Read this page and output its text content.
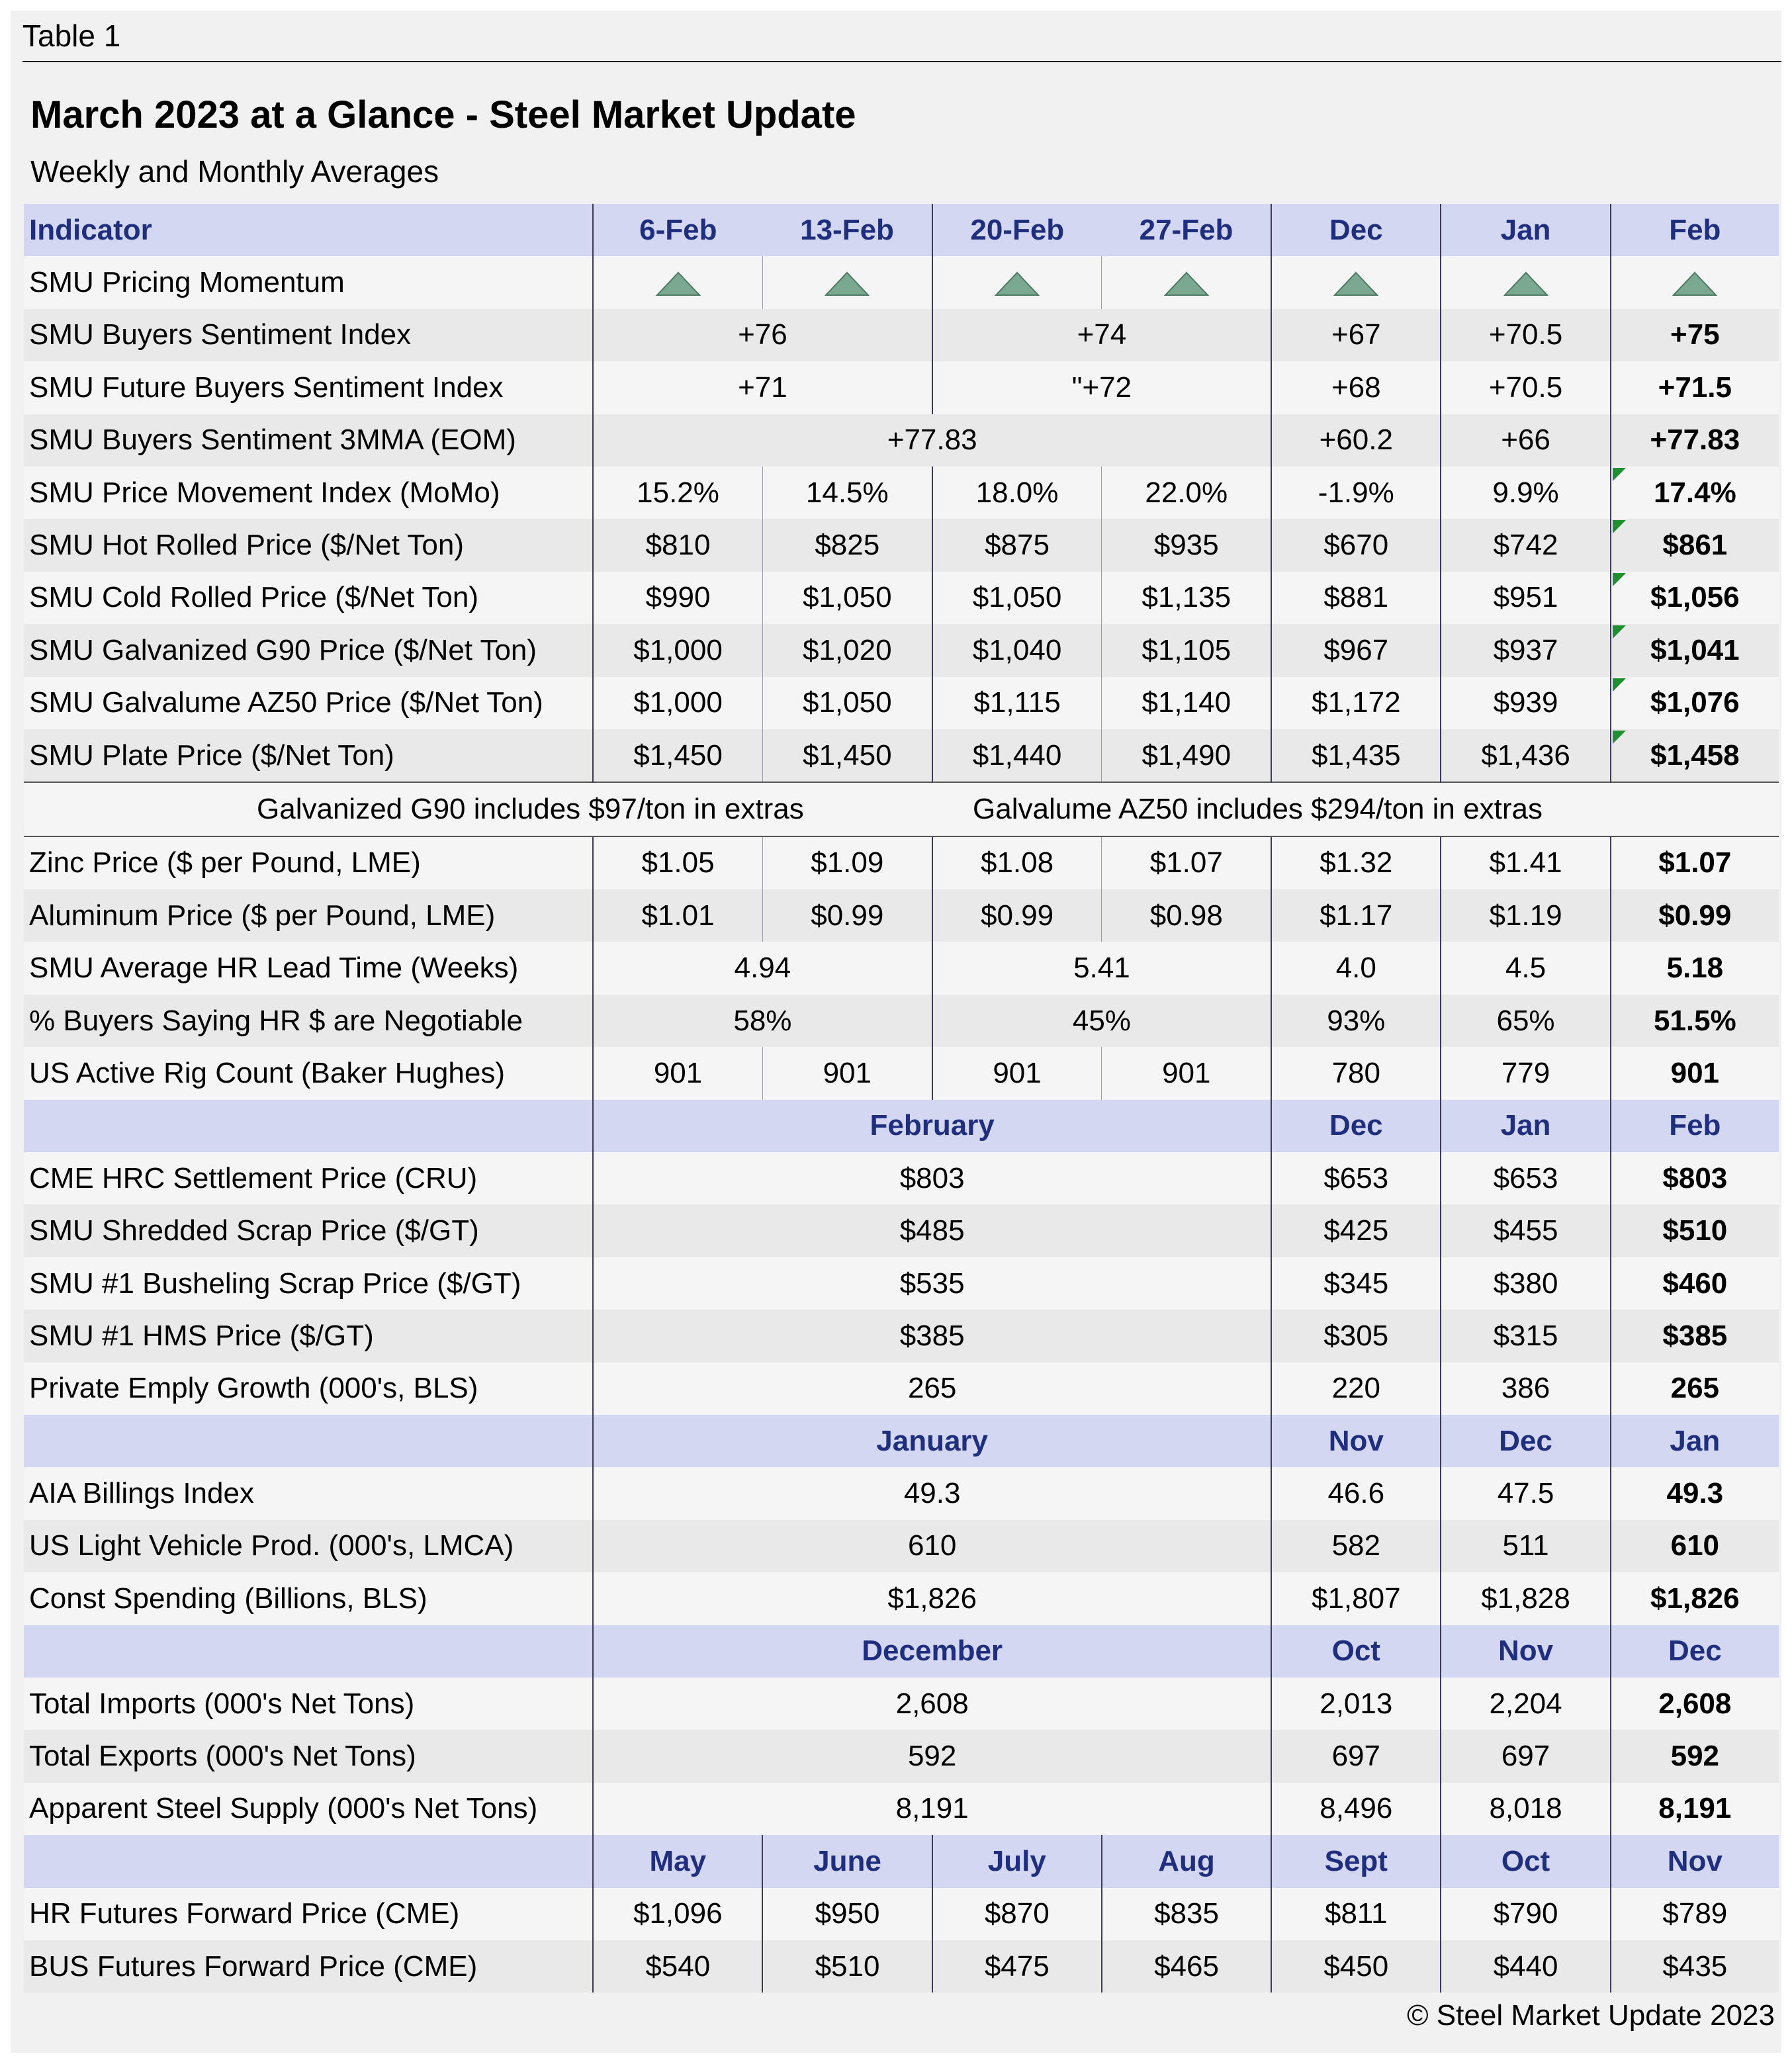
Table 1
March 2023 at a Glance - Steel Market Update
Weekly and Monthly Averages
Indicator	6-Feb	13-Feb	20-Feb	27-Feb	Dec	Jan	Feb
SMU Pricing Momentum							
SMU Buyers Sentiment Index	+76		+74		+67	+70.5	+75
SMU Future Buyers Sentiment Index	+71		"+72		+68	+70.5	+71.5
SMU Buyers Sentiment 3MMA (EOM)	+77.83				+60.2	+66	+77.83
SMU Price Movement Index (MoMo)	15.2%	14.5%	18.0%	22.0%	-1.9%	9.9%	17.4%
SMU Hot Rolled Price ($/Net Ton)	$810	$825	$875	$935	$670	$742	$861
SMU Cold Rolled Price ($/Net Ton)	$990	$1,050	$1,050	$1,135	$881	$951	$1,056
SMU Galvanized G90 Price ($/Net Ton)	$1,000	$1,020	$1,040	$1,105	$967	$937	$1,041
SMU Galvalume AZ50 Price ($/Net Ton)	$1,000	$1,050	$1,115	$1,140	$1,172	$939	$1,076
SMU Plate Price ($/Net Ton)	$1,450	$1,450	$1,440	$1,490	$1,435	$1,436	$1,458

Galvanized G90 includes $97/ton in extras Galvalume AZ50 includes $294/ton in extras							

Zinc Price ($ per Pound, LME)	$1.05	$1.09	$1.08	$1.07	$1.32	$1.41	$1.07
Aluminum Price ($ per Pound, LME)	$1.01	$0.99	$0.99	$0.98	$1.17	$1.19	$0.99
SMU Average HR Lead Time (Weeks)	4.94		5.41		4.0	4.5	5.18
% Buyers Saying HR $ are Negotiable	58%		45%		93%	65%	51.5%
US Active Rig Count (Baker Hughes)	901	901	901	901	780	779	901
	February				Dec	Jan	Feb
CME HRC Settlement Price (CRU)	$803				$653	$653	$803
SMU Shredded Scrap Price ($/GT)	$485				$425	$455	$510
SMU #1 Busheling Scrap Price ($/GT)	$535				$345	$380	$460
SMU #1 HMS Price ($/GT)	$385				$305	$315	$385
Private Emply Growth (000's, BLS)	265				220	386	265
	January				Nov	Dec	Jan
AIA Billings Index	49.3				46.6	47.5	49.3
US Light Vehicle Prod. (000's, LMCA)	610				582	511	610
Const Spending (Billions, BLS)	$1,826				$1,807	$1,828	$1,826
	December				Oct	Nov	Dec
Total Imports (000's Net Tons)	2,608				2,013	2,204	2,608
Total Exports (000's Net Tons)	592				697	697	592
Apparent Steel Supply (000's Net Tons)	8,191				8,496	8,018	8,191
	May	June	July	Aug	Sept	Oct	Nov
HR Futures Forward Price (CME)	$1,096	$950	$870	$835	$811	$790	$789
BUS Futures Forward Price (CME)	$540	$510	$475	$465	$450	$440	$435
© Steel Market Update 2023
